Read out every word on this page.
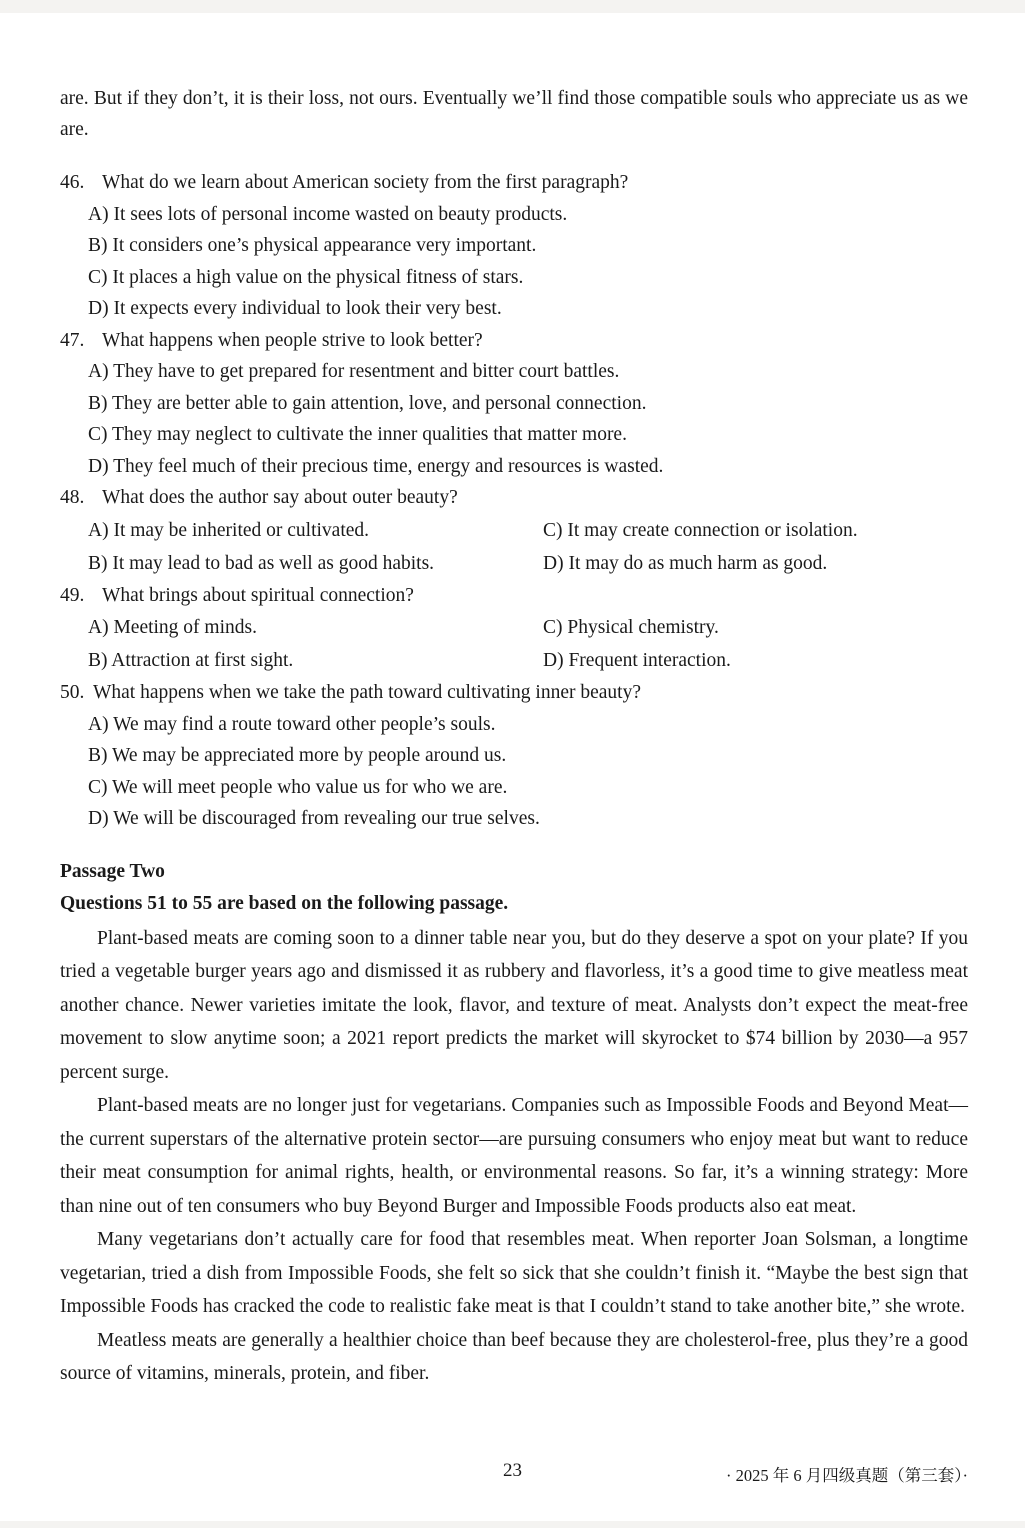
are. But if they don’t, it is their loss, not ours. Eventually we’ll find those compatible souls who appreciate us as we are.

46. What do we learn about American society from the first paragraph?
A) It sees lots of personal income wasted on beauty products.
B) It considers one’s physical appearance very important.
C) It places a high value on the physical fitness of stars.
D) It expects every individual to look their very best.
47. What happens when people strive to look better?
A) They have to get prepared for resentment and bitter court battles.
B) They are better able to gain attention, love, and personal connection.
C) They may neglect to cultivate the inner qualities that matter more.
D) They feel much of their precious time, energy and resources is wasted.
48. What does the author say about outer beauty?
A) It may be inherited or cultivated.	C) It may create connection or isolation.
B) It may lead to bad as well as good habits.	D) It may do as much harm as good.
49. What brings about spiritual connection?
A) Meeting of minds.	C) Physical chemistry.
B) Attraction at first sight.	D) Frequent interaction.
50. What happens when we take the path toward cultivating inner beauty?
A) We may find a route toward other people’s souls.
B) We may be appreciated more by people around us.
C) We will meet people who value us for who we are.
D) We will be discouraged from revealing our true selves.
Passage Two
Questions 51 to 55 are based on the following passage.

Plant-based meats are coming soon to a dinner table near you, but do they deserve a spot on your plate? If you tried a vegetable burger years ago and dismissed it as rubbery and flavorless, it’s a good time to give meatless meat another chance. Newer varieties imitate the look, flavor, and texture of meat. Analysts don’t expect the meat-free movement to slow anytime soon; a 2021 report predicts the market will skyrocket to $74 billion by 2030—a 957 percent surge.

Plant-based meats are no longer just for vegetarians. Companies such as Impossible Foods and Beyond Meat—the current superstars of the alternative protein sector—are pursuing consumers who enjoy meat but want to reduce their meat consumption for animal rights, health, or environmental reasons. So far, it’s a winning strategy: More than nine out of ten consumers who buy Beyond Burger and Impossible Foods products also eat meat.

Many vegetarians don’t actually care for food that resembles meat. When reporter Joan Solsman, a longtime vegetarian, tried a dish from Impossible Foods, she felt so sick that she couldn’t finish it. “Maybe the best sign that Impossible Foods has cracked the code to realistic fake meat is that I couldn’t stand to take another bite,” she wrote.

Meatless meats are generally a healthier choice than beef because they are cholesterol-free, plus they’re a good source of vitamins, minerals, protein, and fiber.

23	· 2025 年 6 月四级真题（第三套）·
